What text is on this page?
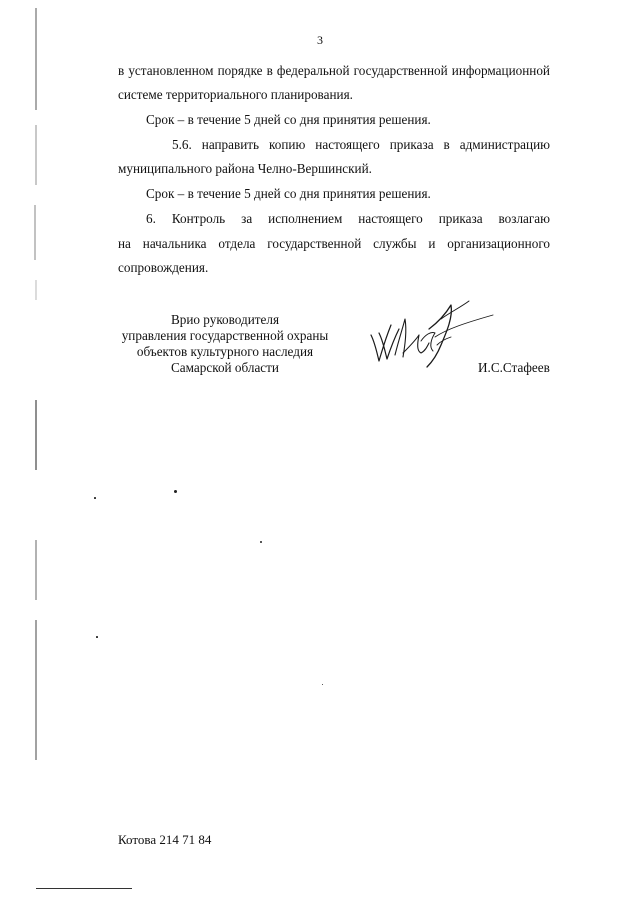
3
в установленном порядке в федеральной государственной информационной
системе территориального планирования.
Срок – в течение 5 дней со дня принятия решения.
5.6. направить копию настоящего приказа в администрацию
муниципального района Челно-Вершинский.
Срок – в течение 5 дней со дня принятия решения.
6. Контроль за исполнением настоящего приказа возлагаю
на начальника отдела государственной службы и организационного
сопровождения.
Врио руководителя
управления государственной охраны
объектов культурного наследия
Самарской области	И.С.Стафеев
Котова 214 71 84
